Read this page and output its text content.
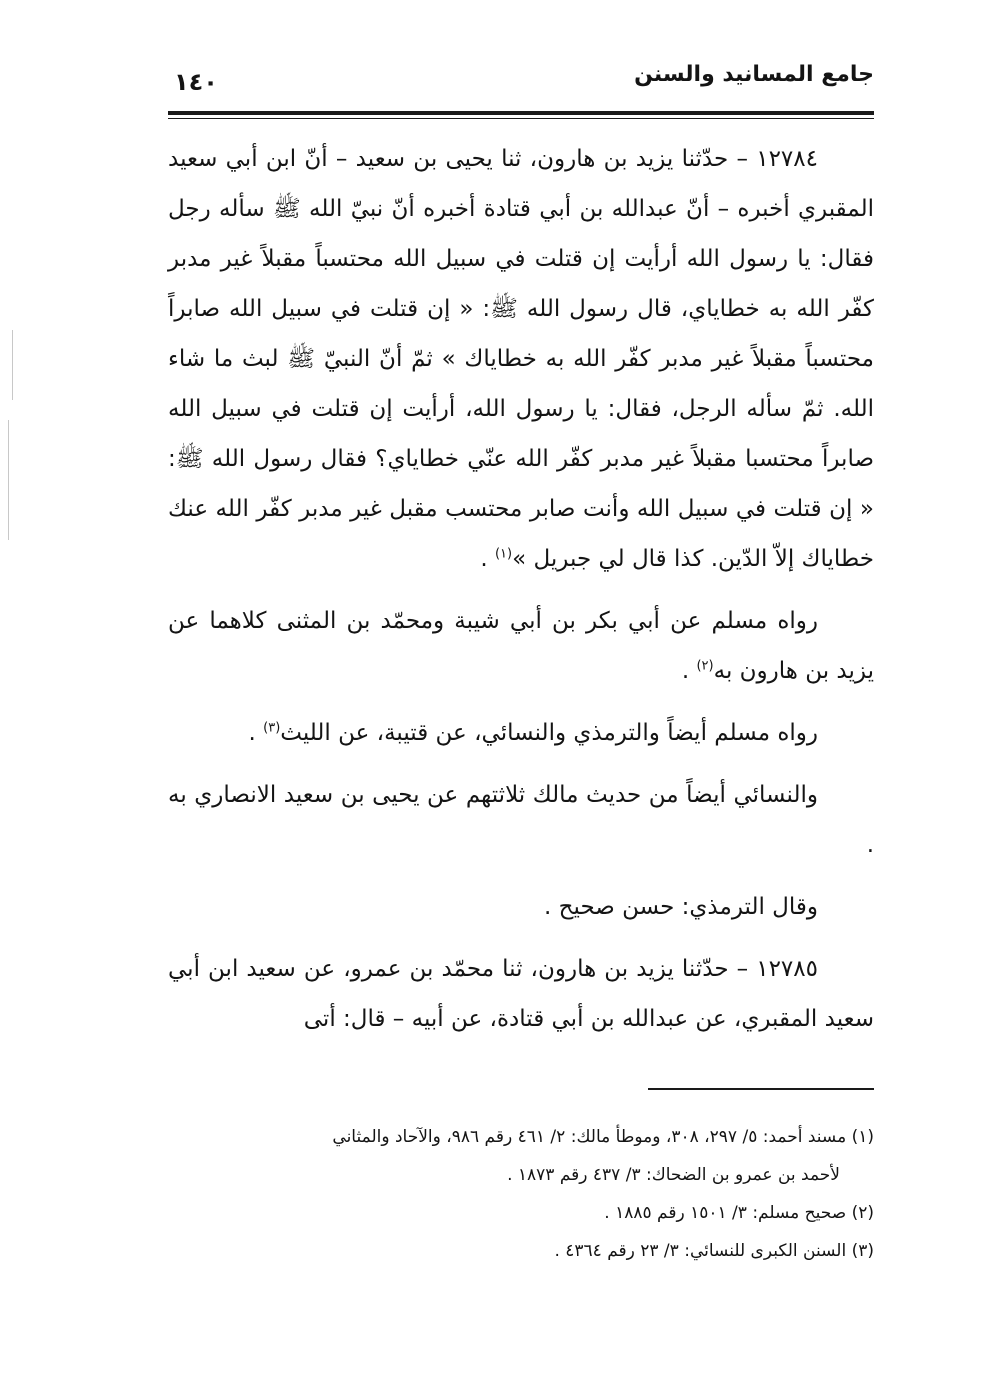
جامع المسانيد والسنن
١٤٠

١٢٧٨٤ – حدّثنا يزيد بن هارون، ثنا يحيى بن سعيد – أنّ ابن أبي سعيد المقبري أخبره – أنّ عبدالله بن أبي قتادة أخبره أنّ نبيّ الله ﷺ سأله رجل فقال: يا رسول الله أرأيت إن قتلت في سبيل الله محتسباً مقبلاً غير مدبر كفّر الله به خطاياي، قال رسول الله ﷺ: « إن قتلت في سبيل الله صابراً محتسباً مقبلاً غير مدبر كفّر الله به خطاياك » ثمّ أنّ النبيّ ﷺ لبث ما شاء الله. ثمّ سأله الرجل، فقال: يا رسول الله، أرأيت إن قتلت في سبيل الله صابراً محتسبا مقبلاً غير مدبر كفّر الله عنّي خطاياي؟ فقال رسول الله ﷺ: « إن قتلت في سبيل الله وأنت صابر محتسب مقبل غير مدبر كفّر الله عنك خطاياك إلاّ الدّين. كذا قال لي جبريل »$^{(١)}$ .

رواه مسلم عن أبي بكر بن أبي شيبة ومحمّد بن المثنى كلاهما عن يزيد بن هارون به$^{(٢)}$ .

رواه مسلم أيضاً والترمذي والنسائي، عن قتيبة، عن الليث$^{(٣)}$ .

والنسائي أيضاً من حديث مالك ثلاثتهم عن يحيى بن سعيد الانصاري به .

وقال الترمذي: حسن صحيح .

١٢٧٨٥ – حدّثنا يزيد بن هارون، ثنا محمّد بن عمرو، عن سعيد ابن أبي سعيد المقبري، عن عبدالله بن أبي قتادة، عن أبيه – قال: أتى

(١) مسند أحمد: ٥/ ٢٩٧، ٣٠٨، وموطأ مالك: ٢/ ٤٦١ رقم ٩٨٦، والآحاد والمثاني

لأحمد بن عمرو بن الضحاك: ٣/ ٤٣٧ رقم ١٨٧٣ .

(٢) صحيح مسلم: ٣/ ١٥٠١ رقم ١٨٨٥ .

(٣) السنن الكبرى للنسائي: ٣/ ٢٣ رقم ٤٣٦٤ .
